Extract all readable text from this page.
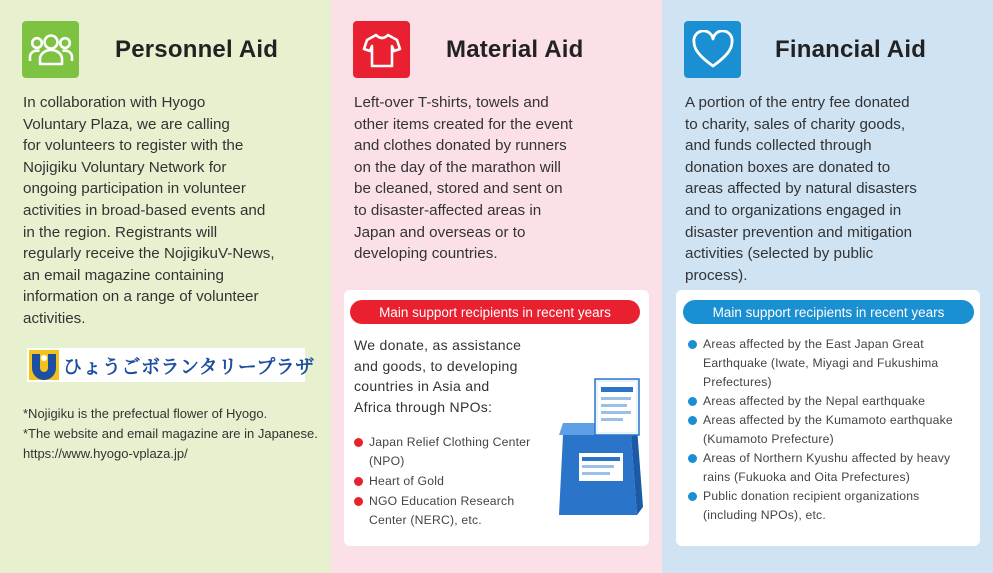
Personnel Aid
In collaboration with Hyogo
Voluntary Plaza, we are calling
for volunteers to register with the
Nojigiku Voluntary Network for
ongoing participation in volunteer
activities in broad-based events and
in the region. Registrants will
regularly receive the NojigikuV-News,
an email magazine containing
information on a range of volunteer
activities.
ひょうごボランタリープラザ
*Nojigiku is the prefectual flower of Hyogo.
*The website and email magazine are in Japanese.
https://www.hyogo-vplaza.jp/
Material Aid
Left-over T-shirts, towels and
other items created for the event
and clothes donated by runners
on the day of the marathon will
be cleaned, stored and sent on
to disaster-affected areas in
Japan and overseas or to
developing countries.
Main support recipients in recent years
We donate, as assistance
and goods, to developing
countries in Asia and
Africa through NPOs:
Japan Relief Clothing Center (NPO)
Heart of Gold
NGO Education Research Center (NERC), etc.
Financial Aid
A portion of the entry fee donated
to charity, sales of charity goods,
and funds collected through
donation boxes are donated to
areas affected by natural disasters
and to organizations engaged in
disaster prevention and mitigation
activities (selected by public
process).
Main support recipients in recent years
Areas affected by the East Japan Great Earthquake (Iwate, Miyagi and Fukushima Prefectures)
Areas affected by the Nepal earthquake
Areas affected by the Kumamoto earthquake (Kumamoto Prefecture)
Areas of Northern Kyushu affected by heavy rains (Fukuoka and Oita Prefectures)
Public donation recipient organizations (including NPOs), etc.
